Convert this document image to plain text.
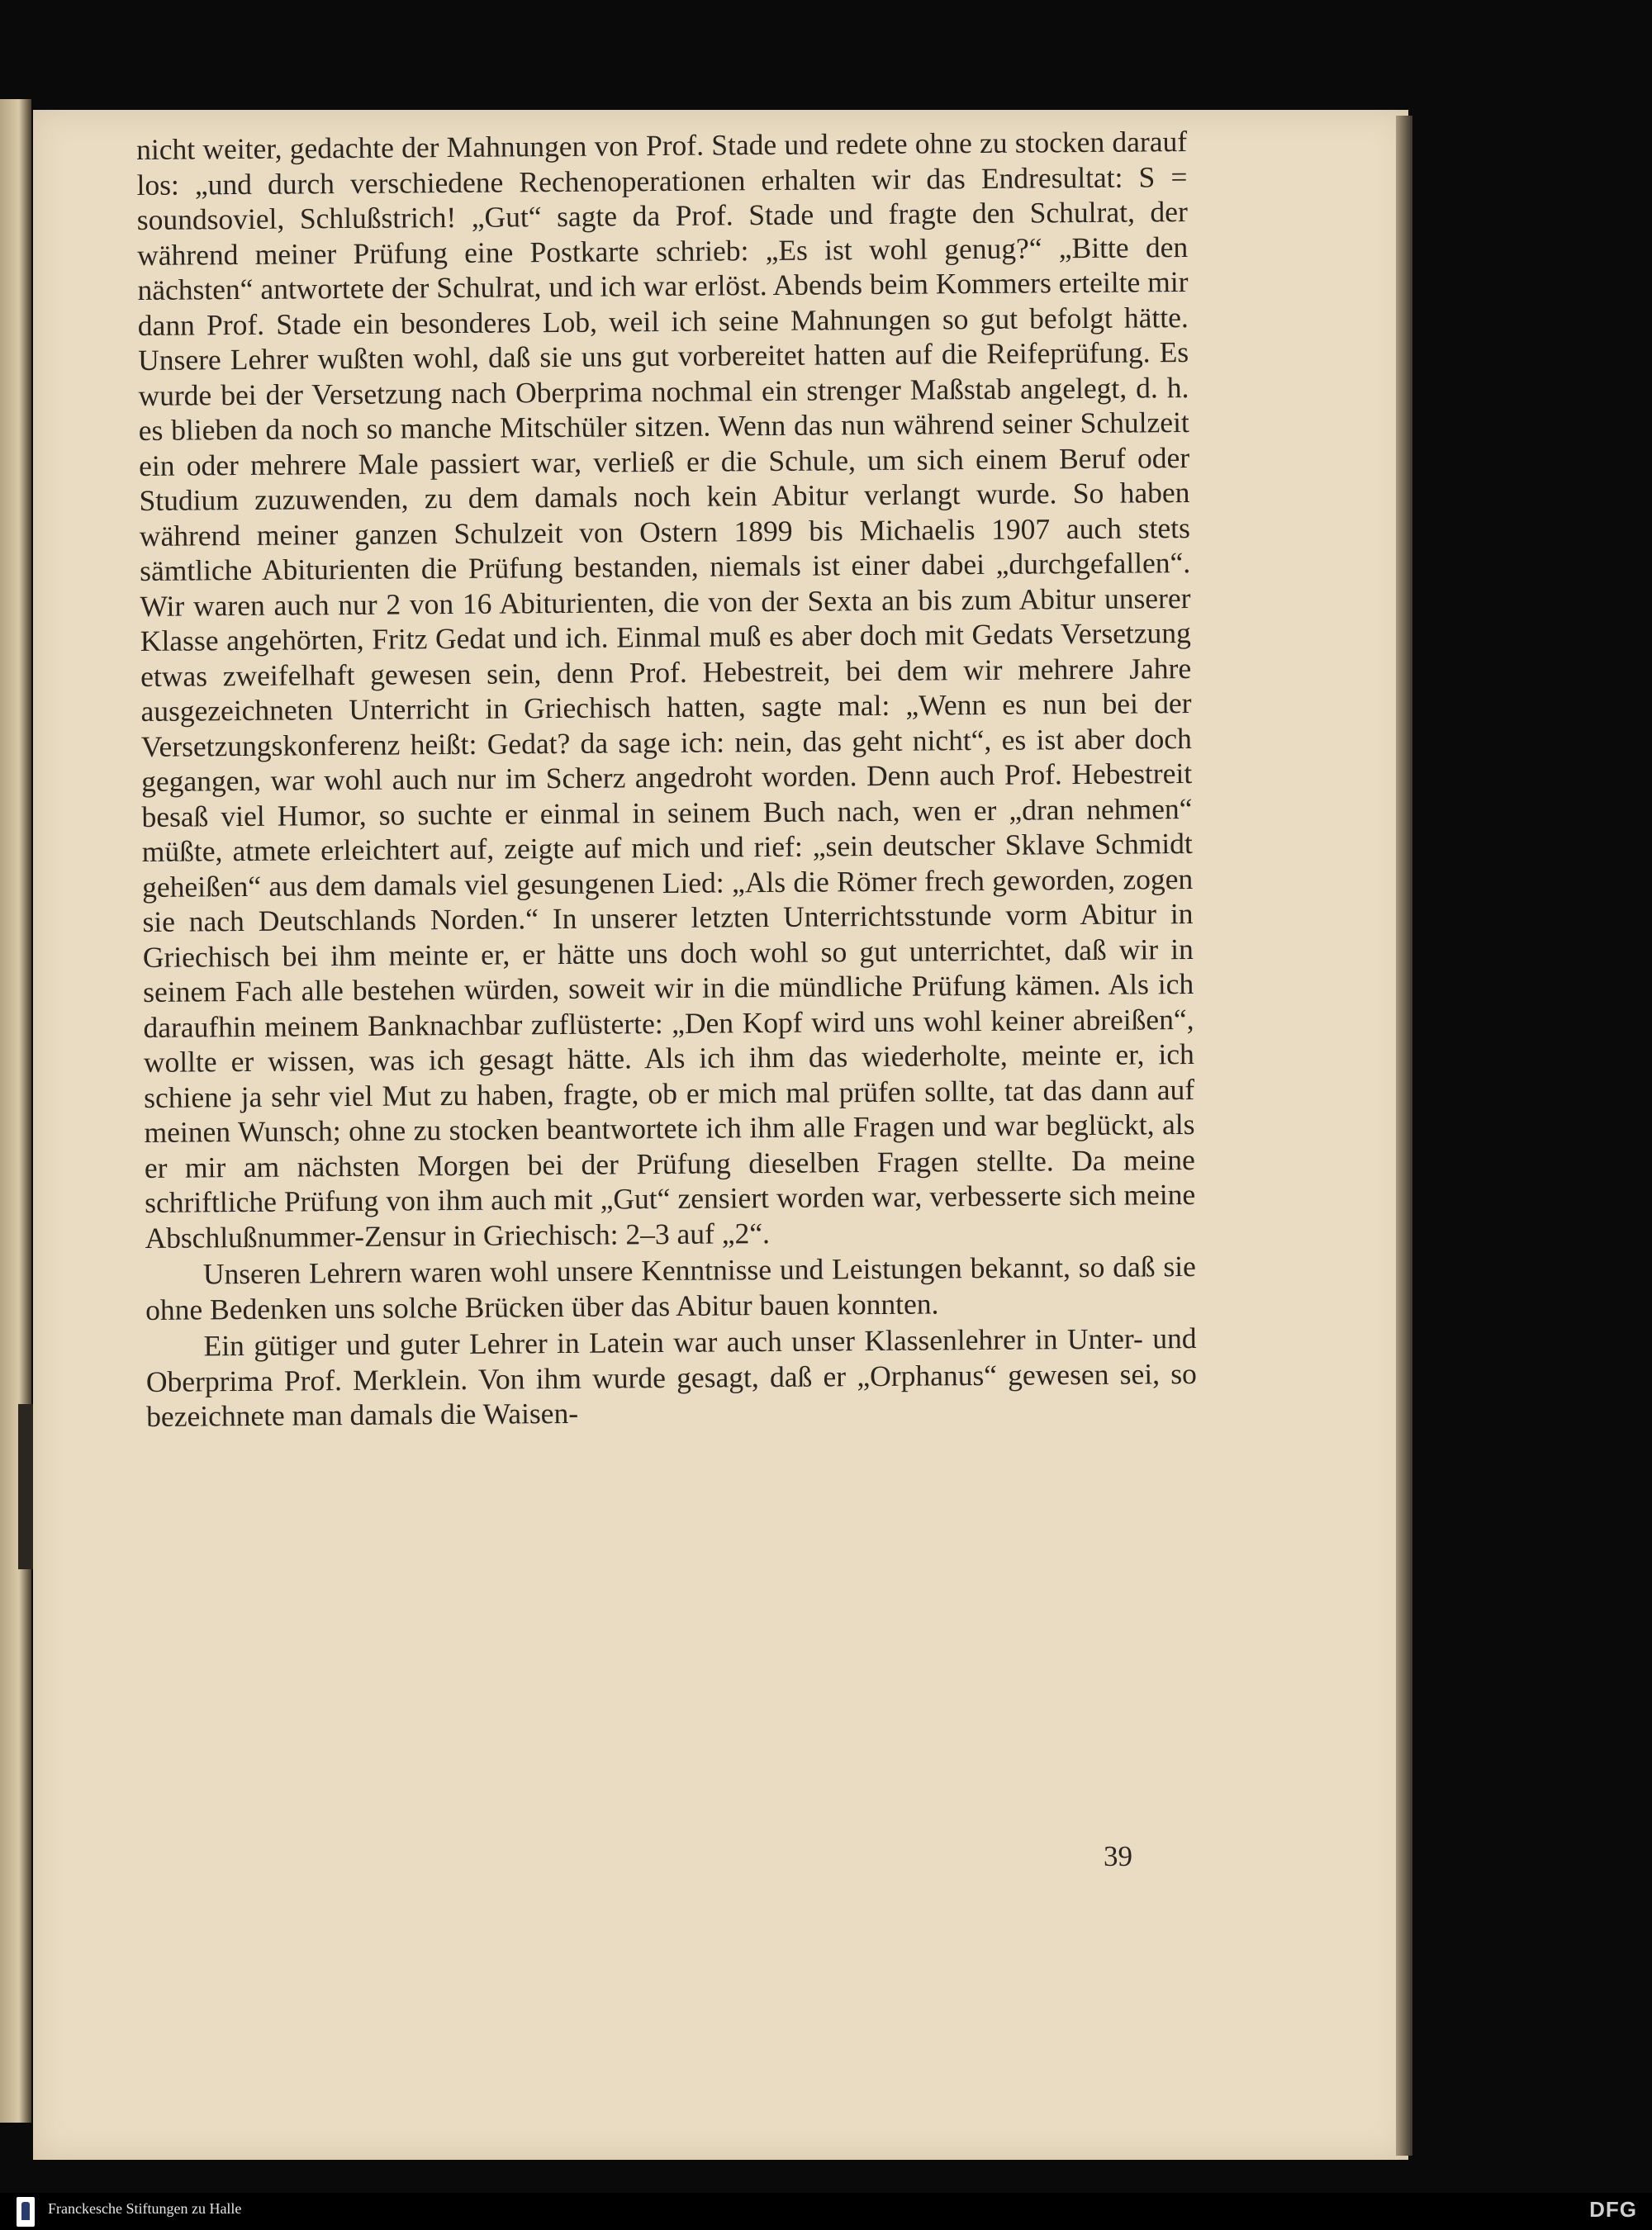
nicht weiter, gedachte der Mahnungen von Prof. Stade und redete ohne zu stocken darauf los: „und durch verschiedene Rechenoperationen erhalten wir das Endresultat: S = soundsoviel, Schlußstrich! „Gut“ sagte da Prof. Stade und fragte den Schulrat, der während meiner Prüfung eine Postkarte schrieb: „Es ist wohl genug?“ „Bitte den nächsten“ antwortete der Schulrat, und ich war erlöst. Abends beim Kommers erteilte mir dann Prof. Stade ein besonderes Lob, weil ich seine Mahnungen so gut befolgt hätte. Unsere Lehrer wußten wohl, daß sie uns gut vorbereitet hatten auf die Reifeprüfung. Es wurde bei der Versetzung nach Oberprima nochmal ein strenger Maßstab angelegt, d. h. es blieben da noch so manche Mitschüler sitzen. Wenn das nun während seiner Schulzeit ein oder mehrere Male passiert war, verließ er die Schule, um sich einem Beruf oder Studium zuzuwenden, zu dem damals noch kein Abitur verlangt wurde. So haben während meiner ganzen Schulzeit von Ostern 1899 bis Michaelis 1907 auch stets sämtliche Abiturienten die Prüfung bestanden, niemals ist einer dabei „durchgefallen“. Wir waren auch nur 2 von 16 Abiturienten, die von der Sexta an bis zum Abitur unserer Klasse angehörten, Fritz Gedat und ich. Einmal muß es aber doch mit Gedats Versetzung etwas zweifelhaft gewesen sein, denn Prof. Hebestreit, bei dem wir mehrere Jahre ausgezeichneten Unterricht in Griechisch hatten, sagte mal: „Wenn es nun bei der Versetzungskonferenz heißt: Gedat? da sage ich: nein, das geht nicht“, es ist aber doch gegangen, war wohl auch nur im Scherz angedroht worden. Denn auch Prof. Hebestreit besaß viel Humor, so suchte er einmal in seinem Buch nach, wen er „dran nehmen“ müßte, atmete erleichtert auf, zeigte auf mich und rief: „sein deutscher Sklave Schmidt geheißen“ aus dem damals viel gesungenen Lied: „Als die Römer frech geworden, zogen sie nach Deutschlands Norden.“ In unserer letzten Unterrichtsstunde vorm Abitur in Griechisch bei ihm meinte er, er hätte uns doch wohl so gut unterrichtet, daß wir in seinem Fach alle bestehen würden, soweit wir in die mündliche Prüfung kämen. Als ich daraufhin meinem Banknachbar zuflüsterte: „Den Kopf wird uns wohl keiner abreißen“, wollte er wissen, was ich gesagt hätte. Als ich ihm das wiederholte, meinte er, ich schiene ja sehr viel Mut zu haben, fragte, ob er mich mal prüfen sollte, tat das dann auf meinen Wunsch; ohne zu stocken beantwortete ich ihm alle Fragen und war beglückt, als er mir am nächsten Morgen bei der Prüfung dieselben Fragen stellte. Da meine schriftliche Prüfung von ihm auch mit „Gut“ zensiert worden war, verbesserte sich meine Abschlußnummer-Zensur in Griechisch: 2–3 auf „2“.

Unseren Lehrern waren wohl unsere Kenntnisse und Leistungen bekannt, so daß sie ohne Bedenken uns solche Brücken über das Abitur bauen konnten.

Ein gütiger und guter Lehrer in Latein war auch unser Klassenlehrer in Unter- und Oberprima Prof. Merklein. Von ihm wurde gesagt, daß er „Orphanus“ gewesen sei, so bezeichnete man damals die Waisen-

39
Franckesche Stiftungen zu Halle	DFG
